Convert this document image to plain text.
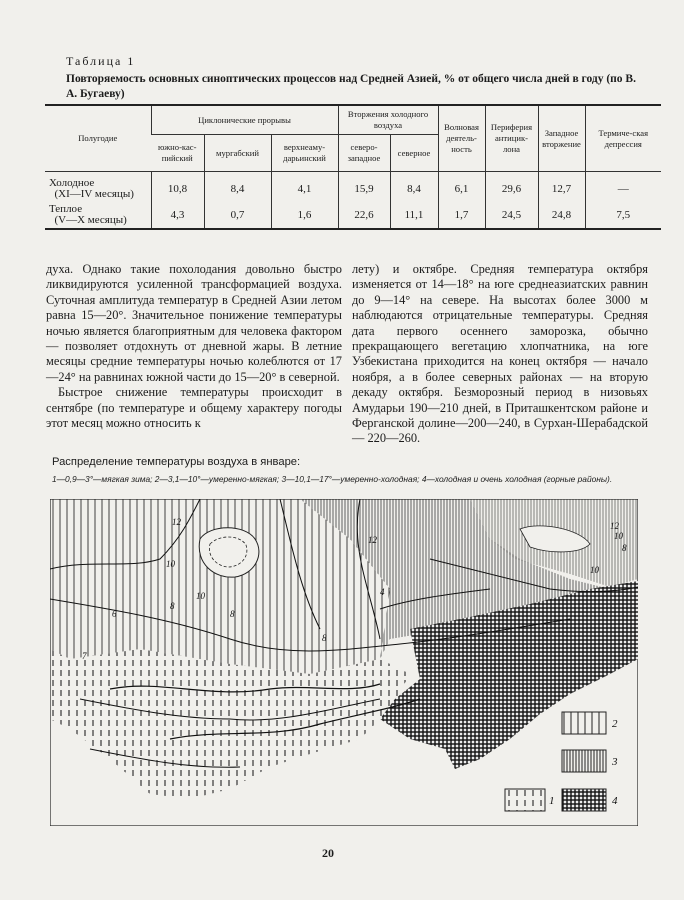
Таблица 1
Повторяемость основных синоптических процессов над Средней Азией, % от общего числа дней в году (по В. А. Бугаеву)
Полугодие	Циклонические прорывы			Вторжения холодного воздуха		Волновая деятель-ность	Периферия антицик-лона	Западное вторжение	Термиче-ская депрессия
	южно-кас-пийский	мургабский	верхнеаму-дарьинский	северо-западное	северное				
Холодное
(XI—IV месяцы)	10,8	8,4	4,1	15,9	8,4	6,1	29,6	12,7	—
Теплое
(V—X месяцы)	4,3	0,7	1,6	22,6	11,1	1,7	24,5	24,8	7,5

духа. Однако такие похолодания довольно быстро ликвидируются усиленной трансформацией воздуха. Суточная амплитуда температур в Средней Азии летом равна 15—20°. Значительное понижение температуры ночью является благоприятным для человека фактором — позволяет отдохнуть от дневной жары. В летние месяцы средние температуры ночью колеблются от 17—24° на равнинах южной части до 15—20° в северной.

Быстрое снижение температуры происходит в сентябре (по температуре и общему характеру погоды этот месяц можно относить к

лету) и октябре. Средняя температура октября изменяется от 14—18° на юге среднеазиатских равнин до 9—14° на севере. На высотах более 3000 м наблюдаются отрицательные температуры. Средняя дата первого осеннего заморозка, обычно прекращающего вегетацию хлопчатника, на юге Узбекистана приходится на конец октября — начало ноября, а в более северных районах — на вторую декаду октября. Безморозный период в низовьях Амударьи 190—210 дней, в Приташкентском районе и Ферганской долине—200—240, в Сурхан-Шерабадской — 220—260.

Распределение температуры воздуха в январе:
1—0,9—3°—мягкая зима; 2—3,1—10°—умеренно-мягкая; 3—10,1—17°—умеренно-холодная; 4—холодная и очень холодная (горные районы).
12
12
10
10
8
8
8
7
6
4
12
10
8
10
2
3
1	4
20
